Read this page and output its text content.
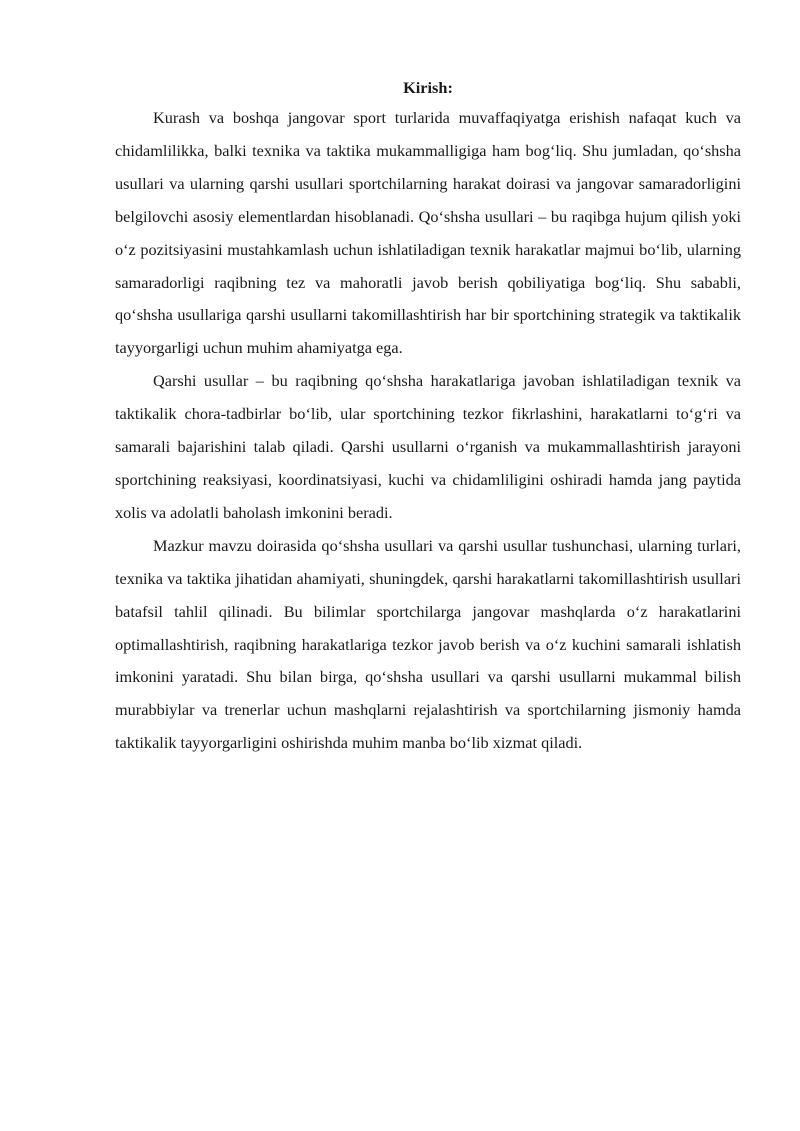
Kirish:

Kurash va boshqa jangovar sport turlarida muvaffaqiyatga erishish nafaqat kuch va chidamlilikka, balki texnika va taktika mukammalligiga ham bog‘liq. Shu jumladan, qo‘shsha usullari va ularning qarshi usullari sportchilarning harakat doirasi va jangovar samaradorligini belgilovchi asosiy elementlardan hisoblanadi. Qo‘shsha usullari – bu raqibga hujum qilish yoki o‘z pozitsiyasini mustahkamlash uchun ishlatiladigan texnik harakatlar majmui bo‘lib, ularning samaradorligi raqibning tez va mahoratli javob berish qobiliyatiga bog‘liq. Shu sababli, qo‘shsha usullariga qarshi usullarni takomillashtirish har bir sportchining strategik va taktikalik tayyorgarligi uchun muhim ahamiyatga ega.

Qarshi usullar – bu raqibning qo‘shsha harakatlariga javoban ishlatiladigan texnik va taktikalik chora-tadbirlar bo‘lib, ular sportchining tezkor fikrlashini, harakatlarni to‘g‘ri va samarali bajarishini talab qiladi. Qarshi usullarni o‘rganish va mukammallashtirish jarayoni sportchining reaksiyasi, koordinatsiyasi, kuchi va chidamliligini oshiradi hamda jang paytida xolis va adolatli baholash imkonini beradi.

Mazkur mavzu doirasida qo‘shsha usullari va qarshi usullar tushunchasi, ularning turlari, texnika va taktika jihatidan ahamiyati, shuningdek, qarshi harakatlarni takomillashtirish usullari batafsil tahlil qilinadi. Bu bilimlar sportchilarga jangovar mashqlarda o‘z harakatlarini optimallashtirish, raqibning harakatlariga tezkor javob berish va o‘z kuchini samarali ishlatish imkonini yaratadi. Shu bilan birga, qo‘shsha usullari va qarshi usullarni mukammal bilish murabbiylar va trenerlar uchun mashqlarni rejalashtirish va sportchilarning jismoniy hamda taktikalik tayyorgarligini oshirishda muhim manba bo‘lib xizmat qiladi.
